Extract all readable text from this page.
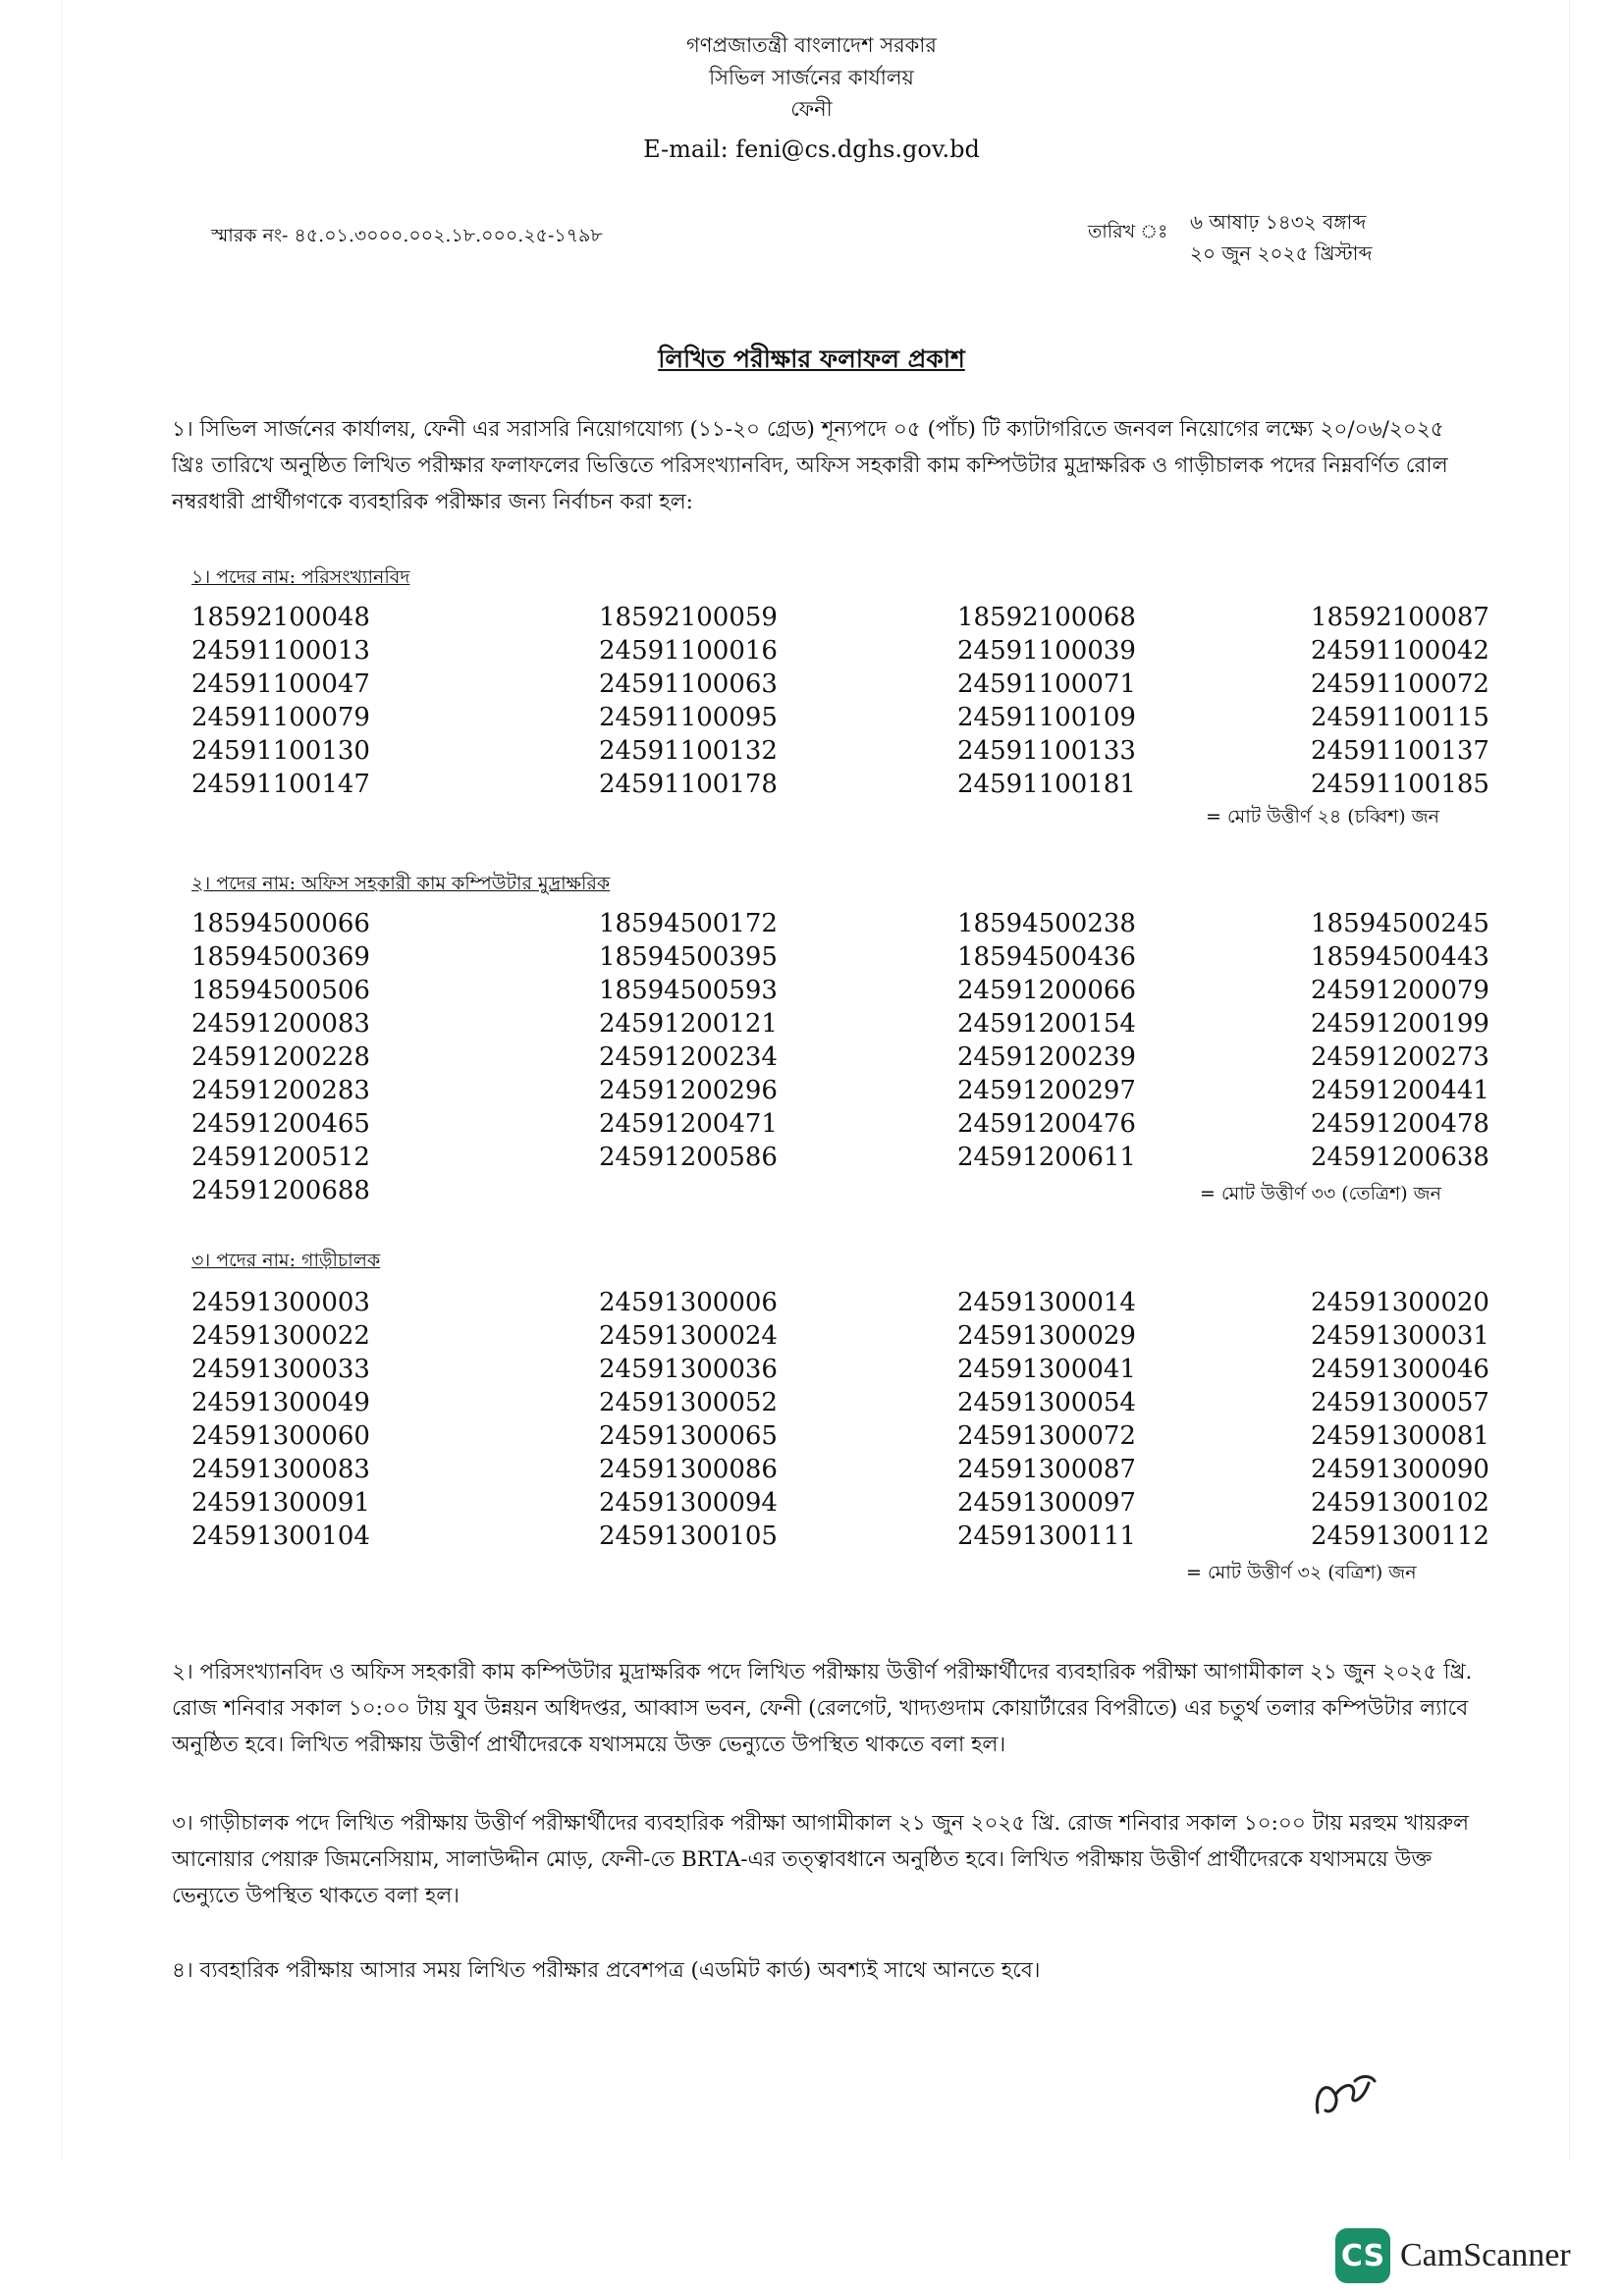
গণপ্রজাতন্ত্রী বাংলাদেশ সরকার
সিভিল সার্জনের কার্যালয়
ফেনী
E-mail: feni@cs.dghs.gov.bd
স্মারক নং- ৪৫.০১.৩০০০.০০২.১৮.০০০.২৫-১৭৯৮	তারিখ ঃ ৬ আষাঢ় ১৪৩২ বঙ্গাব্দ
২০ জুন ২০২৫ খ্রিস্টাব্দ
লিখিত পরীক্ষার ফলাফল প্রকাশ
১। সিভিল সার্জনের কার্যালয়, ফেনী এর সরাসরি নিয়োগযোগ্য (১১-২০ গ্রেড) শূন্যপদে ০৫ (পাঁচ) টি ক্যাটাগরিতে জনবল নিয়োগের লক্ষ্যে ২০/০৬/২০২৫ খ্রিঃ তারিখে অনুষ্ঠিত লিখিত পরীক্ষার ফলাফলের ভিত্তিতে পরিসংখ্যানবিদ, অফিস সহকারী কাম কম্পিউটার মুদ্রাক্ষরিক ও গাড়ীচালক পদের নিম্নবর্ণিত রোল নম্বরধারী প্রার্থীগণকে ব্যবহারিক পরীক্ষার জন্য নির্বাচন করা হল:
১। পদের নাম: পরিসংখ্যানবিদ
18592100048	18592100059	18592100068	18592100087
24591100013	24591100016	24591100039	24591100042
24591100047	24591100063	24591100071	24591100072
24591100079	24591100095	24591100109	24591100115
24591100130	24591100132	24591100133	24591100137
24591100147	24591100178	24591100181	24591100185
= মোট উত্তীর্ণ ২৪ (চব্বিশ) জন
২। পদের নাম: অফিস সহকারী কাম কম্পিউটার মুদ্রাক্ষরিক
18594500066	18594500172	18594500238	18594500245
18594500369	18594500395	18594500436	18594500443
18594500506	18594500593	24591200066	24591200079
24591200083	24591200121	24591200154	24591200199
24591200228	24591200234	24591200239	24591200273
24591200283	24591200296	24591200297	24591200441
24591200465	24591200471	24591200476	24591200478
24591200512	24591200586	24591200611	24591200638
24591200688	= মোট উত্তীর্ণ ৩৩ (তেত্রিশ) জন
৩। পদের নাম: গাড়ীচালক
24591300003	24591300006	24591300014	24591300020
24591300022	24591300024	24591300029	24591300031
24591300033	24591300036	24591300041	24591300046
24591300049	24591300052	24591300054	24591300057
24591300060	24591300065	24591300072	24591300081
24591300083	24591300086	24591300087	24591300090
24591300091	24591300094	24591300097	24591300102
24591300104	24591300105	24591300111	24591300112
= মোট উত্তীর্ণ ৩২ (বত্রিশ) জন
২। পরিসংখ্যানবিদ ও অফিস সহকারী কাম কম্পিউটার মুদ্রাক্ষরিক পদে লিখিত পরীক্ষায় উত্তীর্ণ পরীক্ষার্থীদের ব্যবহারিক পরীক্ষা আগামীকাল ২১ জুন ২০২৫ খ্রি. রোজ শনিবার সকাল ১০:০০ টায় যুব উন্নয়ন অধিদপ্তর, আব্বাস ভবন, ফেনী (রেলগেট, খাদ্যগুদাম কোয়ার্টারের বিপরীতে) এর চতুর্থ তলার কম্পিউটার ল্যাবে অনুষ্ঠিত হবে। লিখিত পরীক্ষায় উত্তীর্ণ প্রার্থীদেরকে যথাসময়ে উক্ত ভেন্যুতে উপস্থিত থাকতে বলা হল।
৩। গাড়ীচালক পদে লিখিত পরীক্ষায় উত্তীর্ণ পরীক্ষার্থীদের ব্যবহারিক পরীক্ষা আগামীকাল ২১ জুন ২০২৫ খ্রি. রোজ শনিবার সকাল ১০:০০ টায় মরহুম খায়রুল আনোয়ার পেয়ারু জিমনেসিয়াম, সালাউদ্দীন মোড়, ফেনী-তে BRTA-এর তত্ত্বাবধানে অনুষ্ঠিত হবে। লিখিত পরীক্ষায় উত্তীর্ণ প্রার্থীদেরকে যথাসময়ে উক্ত ভেন্যুতে উপস্থিত থাকতে বলা হল।
৪। ব্যবহারিক পরীক্ষায় আসার সময় লিখিত পরীক্ষার প্রবেশপত্র (এডমিট কার্ড) অবশ্যই সাথে আনতে হবে।
CS CamScanner
